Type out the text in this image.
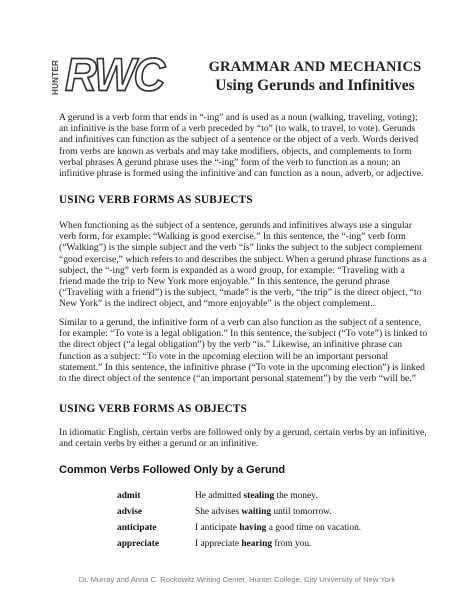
HUNTER RWC	GRAMMAR AND MECHANICS
Using Gerunds and Infinitives
A gerund is a verb form that ends in “-ing” and is used as a noun (walking, traveling, voting); an infinitive is the base form of a verb preceded by “to” (to walk, to travel, to vote). Gerunds and infinitives can function as the subject of a sentence or the object of a verb. Words derived from verbs are known as verbals and may take modifiers, objects, and complements to form verbal phrases A gerund phrase uses the “-ing” form of the verb to function as a noun; an infinitive phrase is formed using the infinitive and can function as a noun, adverb, or adjective.
USING VERB FORMS AS SUBJECTS
When functioning as the subject of a sentence, gerunds and infinitives always use a singular verb form, for example: “Walking is good exercise.” In this sentence, the “-ing” verb form (“Walking”) is the simple subject and the verb “is” links the subject to the subject complement “good exercise,” which refers to and describes the subject. When a gerund phrase functions as a subject, the “-ing” verb form is expanded as a word group, for example: “Traveling with a friend made the trip to New York more enjoyable.” In this sentence, the gerund phrase (“Traveling with a friend”) is the subject, “made” is the verb, “the trip” is the direct object, “to New York” is the indirect object, and “more enjoyable” is the object complement..
Similar to a gerund, the infinitive form of a verb can also function as the subject of a sentence, for example: “To vote is a legal obligation.” In this sentence, the subject (“To vote”) is linked to the direct object (“a legal obligation”) by the verb “is.” Likewise, an infinitive phrase can function as a subject: “To vote in the upcoming election will be an important personal statement.” In this sentence, the infinitive phrase (“To vote in the upcoming election”) is linked to the direct object of the sentence (“an important personal statement”) by the verb “will be.”
USING VERB FORMS AS OBJECTS
In idiomatic English, certain verbs are followed only by a gerund, certain verbs by an infinitive, and certain verbs by either a gerund or an infinitive.
Common Verbs Followed Only by a Gerund
admit	He admitted stealing the money.
advise	She advises waiting until tomorrow.
anticipate	I anticipate having a good time on vacation.
appreciate	I appreciate hearing from you.
Dr. Murray and Anna C. Rockowitz Writing Center, Hunter College, City University of New York
